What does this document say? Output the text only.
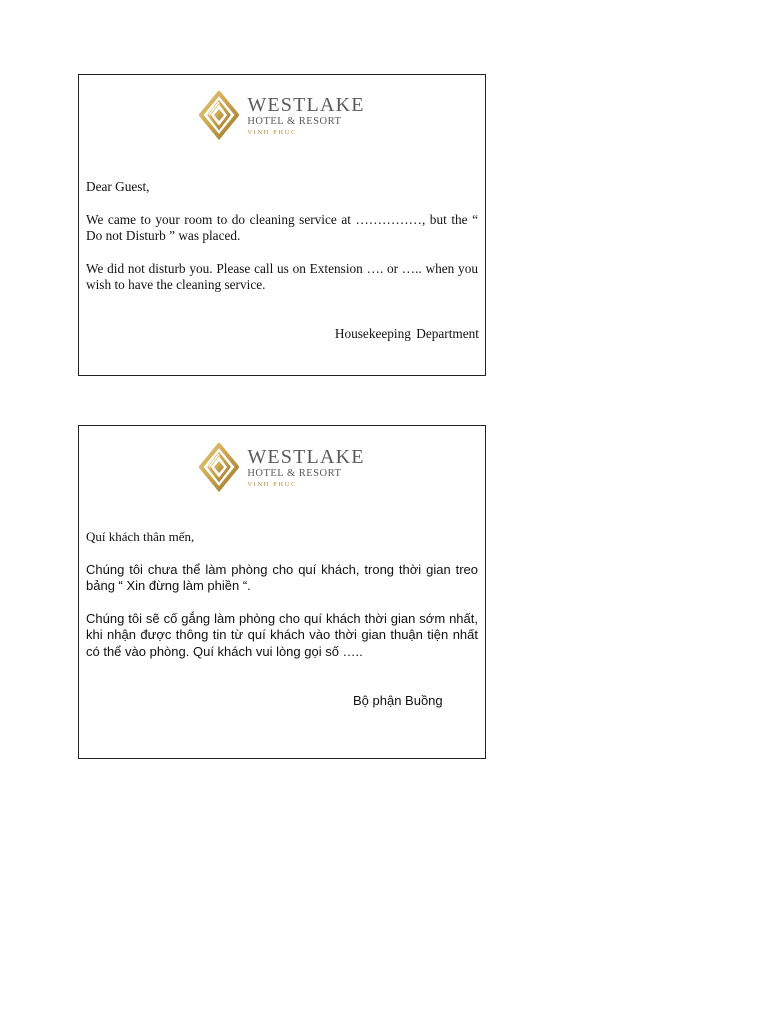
WESTLAKE
HOTEL & RESORT
VINH PHUC

Dear Guest,

We came to your room to do cleaning service at ……………, but the “ Do not Disturb ” was placed.

We did not disturb you. Please call us on Extension …. or ….. when you wish to have the cleaning service.

Housekeeping Department
WESTLAKE
HOTEL & RESORT
VINH PHUC

Quí khách thân mến,

Chúng tôi chưa thể làm phòng cho quí khách, trong thời gian treo bảng “ Xin đừng làm phiền “.

Chúng tôi sẽ cố gắng làm phòng cho quí khách thời gian sớm nhất, khi nhận được thông tin từ quí khách vào thời gian thuận tiện nhất có thể vào phòng. Quí khách vui lòng gọi số …..

Bộ phận Buồng
